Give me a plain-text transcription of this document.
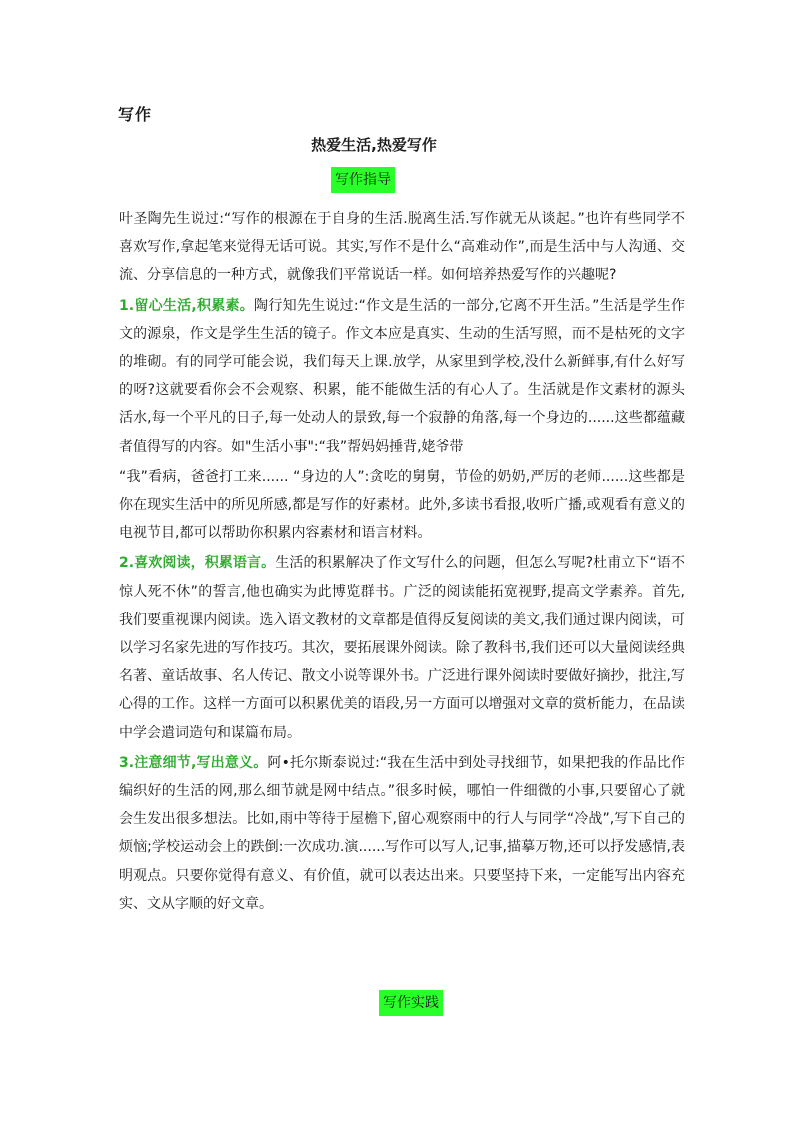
写作
热爱生活,热爱写作
写作指导

叶圣陶先生说过:“写作的根源在于自身的生活.脱离生活.写作就无从谈起。”也许有些同学不喜欢写作,拿起笔来觉得无话可说。其实,写作不是什么“高难动作”,而是生活中与人沟通、交流、分享信息的一种方式，就像我们平常说话一样。如何培养热爱写作的兴趣呢?

1.留心生活,积累素。陶行知先生说过:“作文是生活的一部分,它离不开生活。”生活是学生作文的源泉，作文是学生生活的镜子。作文本应是真实、生动的生活写照，而不是枯死的文字的堆砌。有的同学可能会说，我们每天上课.放学，从家里到学校,没什么新鲜事,有什么好写的呀?这就要看你会不会观察、积累，能不能做生活的有心人了。生活就是作文素材的源头活水,每一个平凡的日子,每一处动人的景致,每一个寂静的角落,每一个身边的......这些都蕴藏者值得写的内容。如"生活小事":“我”帮妈妈捶背,姥爷带

“我”看病，爸爸打工来...... “身边的人”:贪吃的舅舅，节俭的奶奶,严厉的老师......这些都是你在现实生活中的所见所感,都是写作的好素材。此外,多读书看报,收听广播,或观看有意义的电视节目,都可以帮助你积累内容素材和语言材料。

2.喜欢阅读，积累语言。生活的积累解决了作文写什么的问题，但怎么写呢?杜甫立下“语不惊人死不休”的誓言,他也确实为此博览群书。广泛的阅读能拓宽视野,提高文学素养。首先,我们要重视课内阅读。选入语文教材的文章都是值得反复阅读的美文,我们通过课内阅读，可以学习名家先进的写作技巧。其次，要拓展课外阅读。除了教科书,我们还可以大量阅读经典名著、童话故事、名人传记、散文小说等课外书。广泛进行课外阅读时要做好摘抄，批注,写心得的工作。这样一方面可以积累优美的语段,另一方面可以增强对文章的赏析能力，在品读中学会遣词造句和谋篇布局。

3.注意细节,写出意义。阿•托尔斯泰说过:“我在生活中到处寻找细节，如果把我的作品比作编织好的生活的网,那么细节就是网中结点。”很多时候，哪怕一件细微的小事,只要留心了就会生发出很多想法。比如,雨中等待于屋檐下,留心观察雨中的行人与同学“冷战”,写下自己的烦恼;学校运动会上的跌倒:一次成功.演......写作可以写人,记事,描摹万物,还可以抒发感情,表明观点。只要你觉得有意义、有价值，就可以表达出来。只要坚持下来，一定能写出内容充实、文从字顺的好文章。

写作实践
